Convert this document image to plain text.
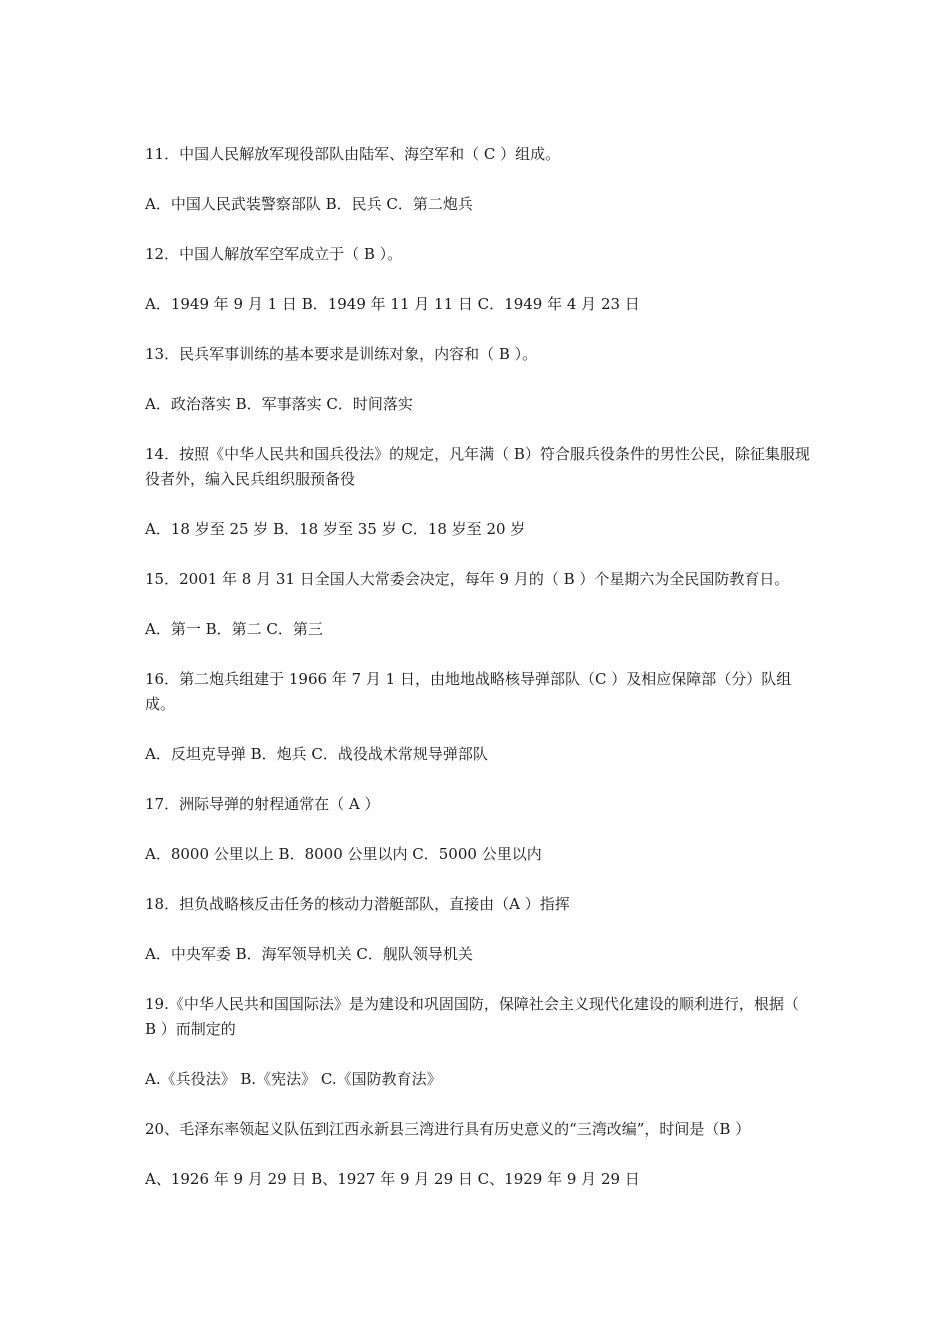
11．中国人民解放军现役部队由陆军、海空军和（ C ）组成。

A．中国人民武装警察部队 B．民兵 C．第二炮兵

12．中国人解放军空军成立于（ B ）。

A．1949 年 9 月 1 日 B．1949 年 11 月 11 日 C．1949 年 4 月 23 日

13．民兵军事训练的基本要求是训练对象，内容和（ B ）。

A．政治落实 B．军事落实 C．时间落实

14．按照《中华人民共和国兵役法》的规定，凡年满（ B）符合服兵役条件的男性公民，除征集服现役者外，编入民兵组织服预备役

A．18 岁至 25 岁 B．18 岁至 35 岁 C．18 岁至 20 岁

15．2001 年 8 月 31 日全国人大常委会决定，每年 9 月的（ B ）个星期六为全民国防教育日。

A．第一 B．第二 C．第三

16．第二炮兵组建于 1966 年 7 月 1 日，由地地战略核导弹部队（C ）及相应保障部（分）队组成。

A．反坦克导弹 B．炮兵 C．战役战术常规导弹部队

17．洲际导弹的射程通常在（ A ）

A．8000 公里以上 B．8000 公里以内 C．5000 公里以内

18．担负战略核反击任务的核动力潜艇部队，直接由（A ）指挥

A．中央军委 B．海军领导机关 C．舰队领导机关

19.《中华人民共和国国际法》是为建设和巩固国防，保障社会主义现代化建设的顺利进行，根据（ B ）而制定的

A.《兵役法》 B.《宪法》 C.《国防教育法》

20、毛泽东率领起义队伍到江西永新县三湾进行具有历史意义的“三湾改编”，时间是（B ）

A、1926 年 9 月 29 日 B、1927 年 9 月 29 日 C、1929 年 9 月 29 日
